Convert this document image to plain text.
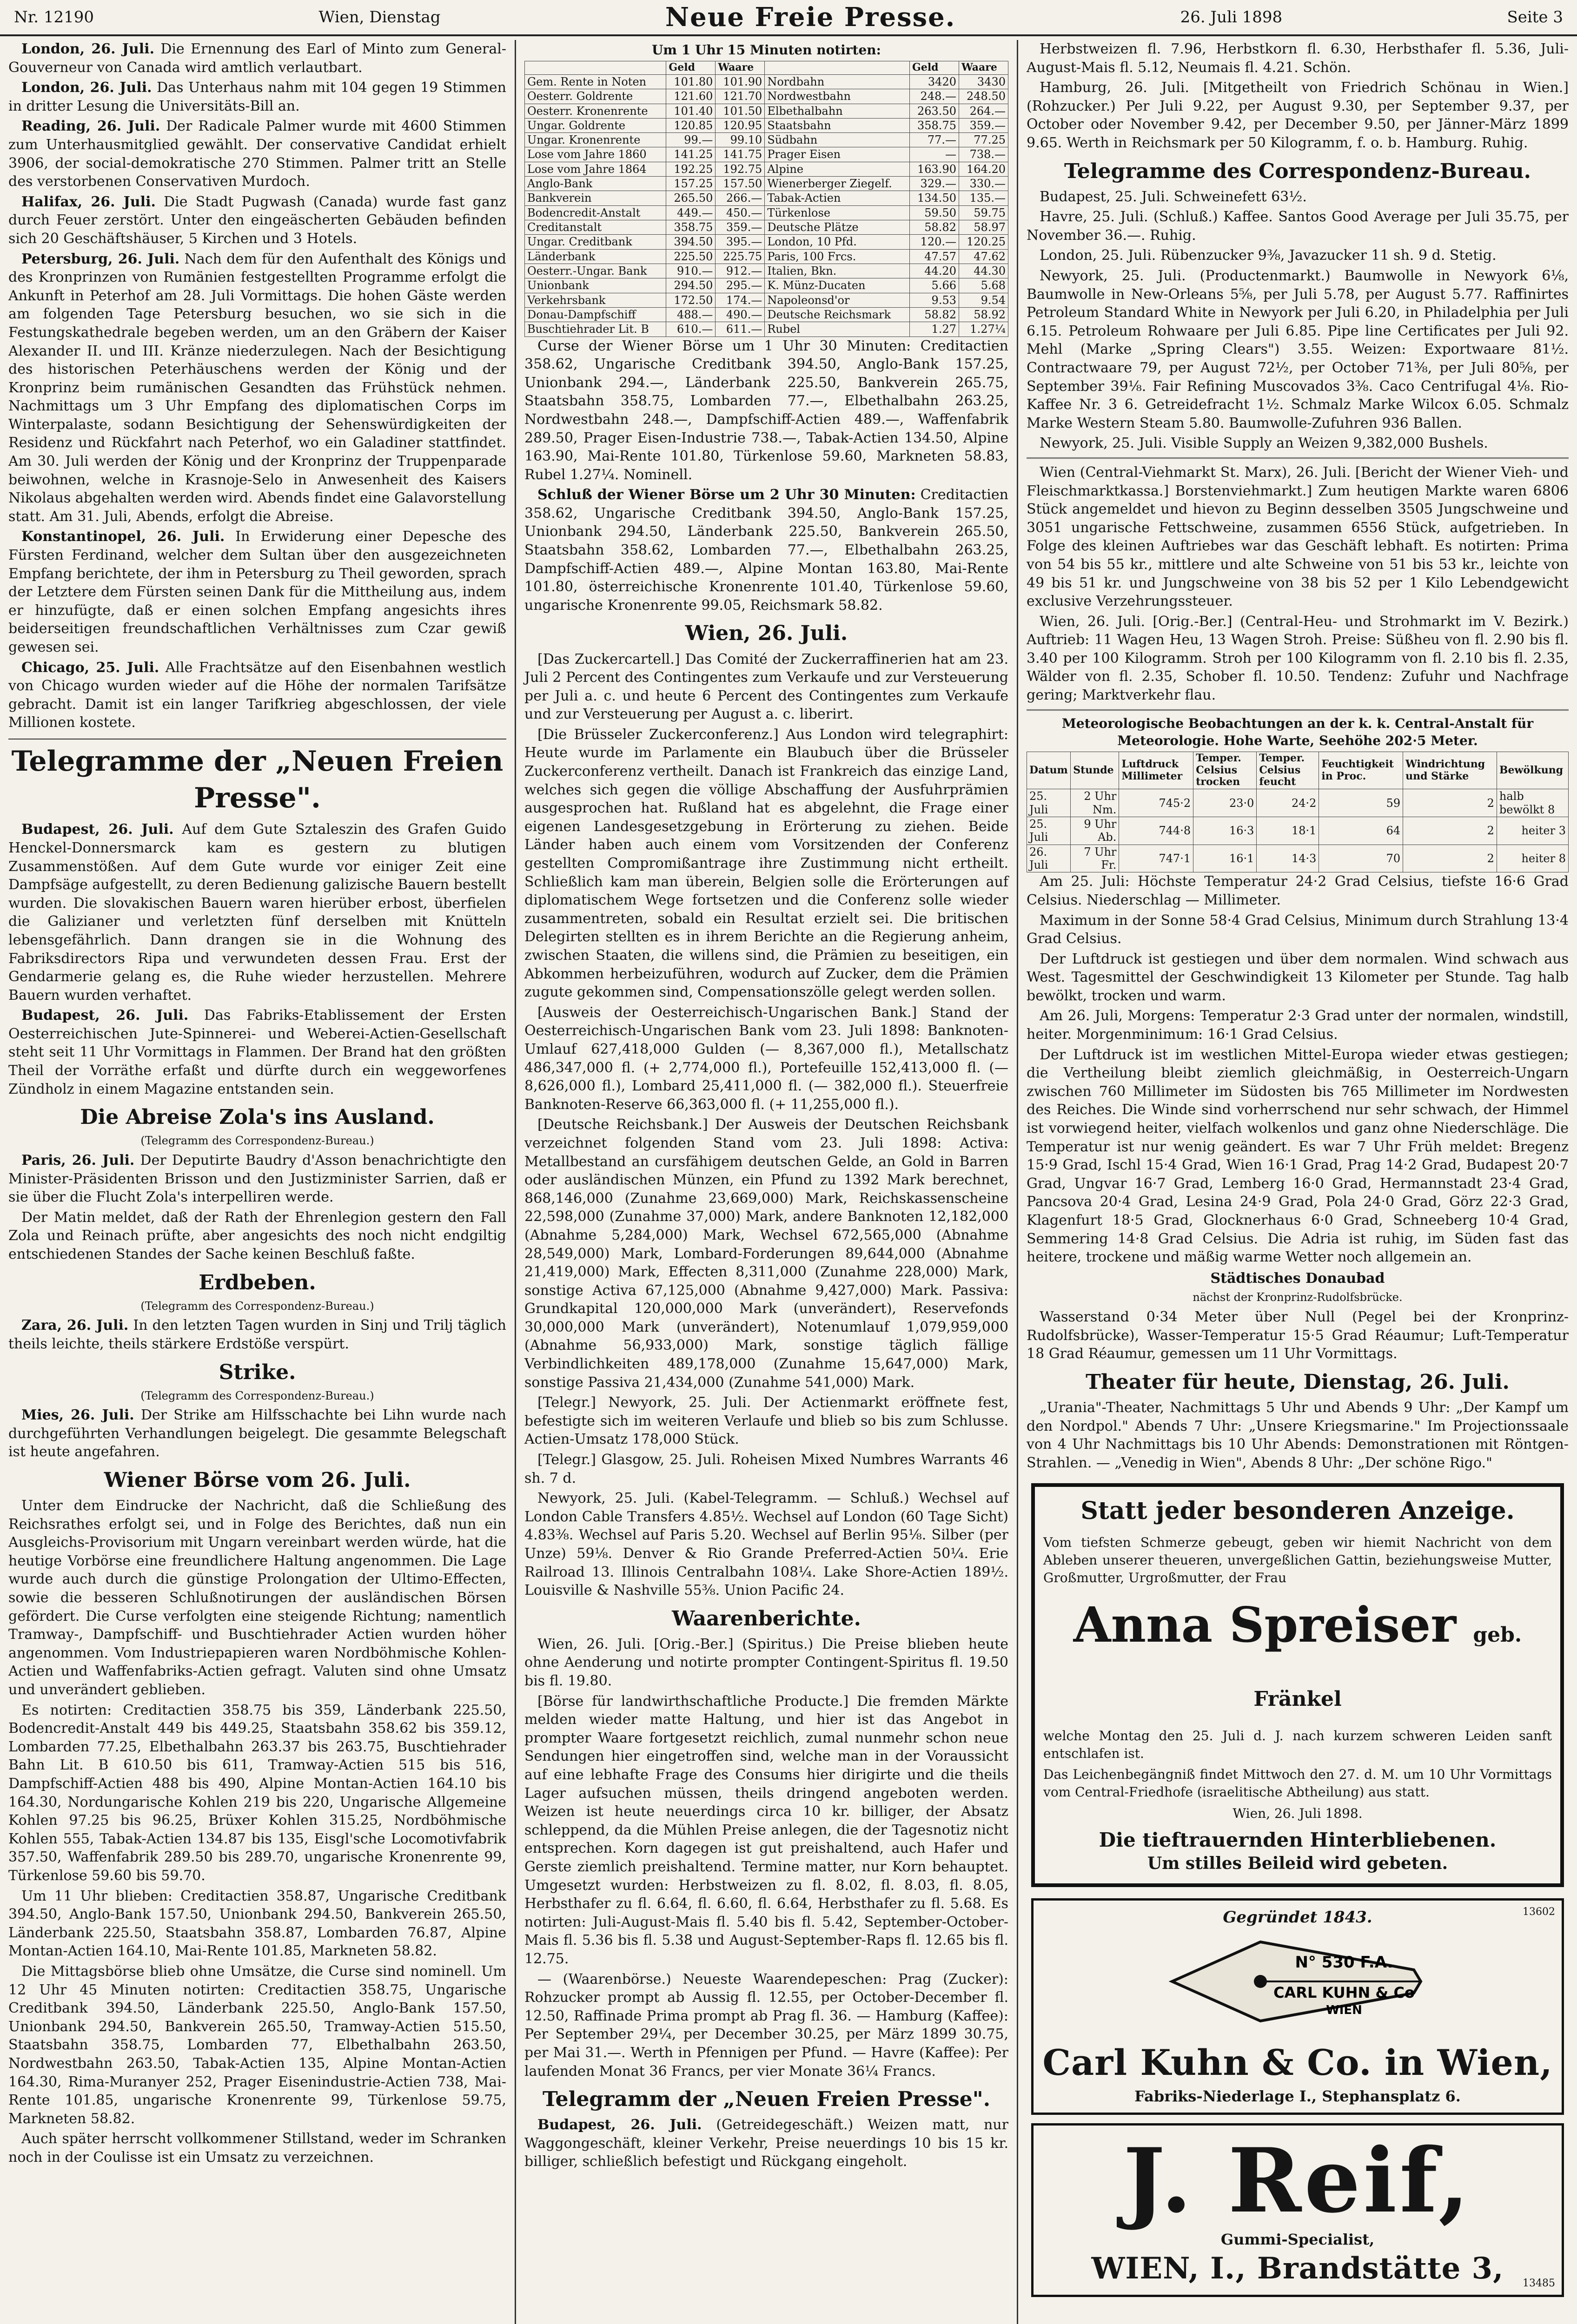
Nr. 12190	Wien, Dienstag	Neue Freie Presse.	26. Juli 1898	Seite 3

London, 26. Juli. Die Ernennung des Earl of Minto zum General-Gouverneur von Canada wird amtlich verlautbart.

London, 26. Juli. Das Unterhaus nahm mit 104 gegen 19 Stimmen in dritter Lesung die Universitäts-Bill an.

Reading, 26. Juli. Der Radicale Palmer wurde mit 4600 Stimmen zum Unterhausmitglied gewählt. Der conservative Candidat erhielt 3906, der social-demokratische 270 Stimmen. Palmer tritt an Stelle des verstorbenen Conservativen Murdoch.

Halifax, 26. Juli. Die Stadt Pugwash (Canada) wurde fast ganz durch Feuer zerstört. Unter den eingeäscherten Gebäuden befinden sich 20 Geschäftshäuser, 5 Kirchen und 3 Hotels.

Petersburg, 26. Juli. Nach dem für den Aufenthalt des Königs und des Kronprinzen von Rumänien festgestellten Programme erfolgt die Ankunft in Peterhof am 28. Juli Vormittags. Die hohen Gäste werden am folgenden Tage Petersburg besuchen, wo sie sich in die Festungskathedrale begeben werden, um an den Gräbern der Kaiser Alexander II. und III. Kränze niederzulegen. Nach der Besichtigung des historischen Peterhäuschens werden der König und der Kronprinz beim rumänischen Gesandten das Frühstück nehmen. Nachmittags um 3 Uhr Empfang des diplomatischen Corps im Winterpalaste, sodann Besichtigung der Sehenswürdigkeiten der Residenz und Rückfahrt nach Peterhof, wo ein Galadiner stattfindet. Am 30. Juli werden der König und der Kronprinz der Truppenparade beiwohnen, welche in Krasnoje-Selo in Anwesenheit des Kaisers Nikolaus abgehalten werden wird. Abends findet eine Galavorstellung statt. Am 31. Juli, Abends, erfolgt die Abreise.

Konstantinopel, 26. Juli. In Erwiderung einer Depesche des Fürsten Ferdinand, welcher dem Sultan über den ausgezeichneten Empfang berichtete, der ihm in Petersburg zu Theil geworden, sprach der Letztere dem Fürsten seinen Dank für die Mittheilung aus, indem er hinzufügte, daß er einen solchen Empfang angesichts ihres beiderseitigen freundschaftlichen Verhältnisses zum Czar gewiß gewesen sei.

Chicago, 25. Juli. Alle Frachtsätze auf den Eisenbahnen westlich von Chicago wurden wieder auf die Höhe der normalen Tarifsätze gebracht. Damit ist ein langer Tarifkrieg abgeschlossen, der viele Millionen kostete.

Telegramme der „Neuen Freien Presse".

Budapest, 26. Juli. Auf dem Gute Sztaleszin des Grafen Guido Henckel-Donnersmarck kam es gestern zu blutigen Zusammenstößen. Auf dem Gute wurde vor einiger Zeit eine Dampfsäge aufgestellt, zu deren Bedienung galizische Bauern bestellt wurden. Die slovakischen Bauern waren hierüber erbost, überfielen die Galizianer und verletzten fünf derselben mit Knütteln lebensgefährlich. Dann drangen sie in die Wohnung des Fabriksdirectors Ripa und verwundeten dessen Frau. Erst der Gendarmerie gelang es, die Ruhe wieder herzustellen. Mehrere Bauern wurden verhaftet.

Budapest, 26. Juli. Das Fabriks-Etablissement der Ersten Oesterreichischen Jute-Spinnerei- und Weberei-Actien-Gesellschaft steht seit 11 Uhr Vormittags in Flammen. Der Brand hat den größten Theil der Vorräthe erfaßt und dürfte durch ein weggeworfenes Zündholz in einem Magazine entstanden sein.

Die Abreise Zola's ins Ausland.
(Telegramm des Correspondenz-Bureau.)

Paris, 26. Juli. Der Deputirte Baudry d'Asson benachrichtigte den Minister-Präsidenten Brisson und den Justizminister Sarrien, daß er sie über die Flucht Zola's interpelliren werde.

Der Matin meldet, daß der Rath der Ehrenlegion gestern den Fall Zola und Reinach prüfte, aber angesichts des noch nicht endgiltig entschiedenen Standes der Sache keinen Beschluß faßte.

Erdbeben.
(Telegramm des Correspondenz-Bureau.)

Zara, 26. Juli. In den letzten Tagen wurden in Sinj und Trilj täglich theils leichte, theils stärkere Erdstöße verspürt.

Strike.
(Telegramm des Correspondenz-Bureau.)

Mies, 26. Juli. Der Strike am Hilfsschachte bei Lihn wurde nach durchgeführten Verhandlungen beigelegt. Die gesammte Belegschaft ist heute angefahren.

Wiener Börse vom 26. Juli.

Unter dem Eindrucke der Nachricht, daß die Schließung des Reichsrathes erfolgt sei, und in Folge des Berichtes, daß nun ein Ausgleichs-Provisorium mit Ungarn vereinbart werden würde, hat die heutige Vorbörse eine freundlichere Haltung angenommen. Die Lage wurde auch durch die günstige Prolongation der Ultimo-Effecten, sowie die besseren Schlußnotirungen der ausländischen Börsen gefördert. Die Curse verfolgten eine steigende Richtung; namentlich Tramway-, Dampfschiff- und Buschtiehrader Actien wurden höher angenommen. Vom Industriepapieren waren Nordböhmische Kohlen-Actien und Waffenfabriks-Actien gefragt. Valuten sind ohne Umsatz und unverändert geblieben.

Es notirten: Creditactien 358.75 bis 359, Länderbank 225.50, Bodencredit-Anstalt 449 bis 449.25, Staatsbahn 358.62 bis 359.12, Lombarden 77.25, Elbethalbahn 263.37 bis 263.75, Buschtiehrader Bahn Lit. B 610.50 bis 611, Tramway-Actien 515 bis 516, Dampfschiff-Actien 488 bis 490, Alpine Montan-Actien 164.10 bis 164.30, Nordungarische Kohlen 219 bis 220, Ungarische Allgemeine Kohlen 97.25 bis 96.25, Brüxer Kohlen 315.25, Nordböhmische Kohlen 555, Tabak-Actien 134.87 bis 135, Eisgl'sche Locomotivfabrik 357.50, Waffenfabrik 289.50 bis 289.70, ungarische Kronenrente 99, Türkenlose 59.60 bis 59.70.

Um 11 Uhr blieben: Creditactien 358.87, Ungarische Creditbank 394.50, Anglo-Bank 157.50, Unionbank 294.50, Bankverein 265.50, Länderbank 225.50, Staatsbahn 358.87, Lombarden 76.87, Alpine Montan-Actien 164.10, Mai-Rente 101.85, Markneten 58.82.

Die Mittagsbörse blieb ohne Umsätze, die Curse sind nominell. Um 12 Uhr 45 Minuten notirten: Creditactien 358.75, Ungarische Creditbank 394.50, Länderbank 225.50, Anglo-Bank 157.50, Unionbank 294.50, Bankverein 265.50, Tramway-Actien 515.50, Staatsbahn 358.75, Lombarden 77, Elbethalbahn 263.50, Nordwestbahn 263.50, Tabak-Actien 135, Alpine Montan-Actien 164.30, Rima-Muranyer 252, Prager Eisenindustrie-Actien 738, Mai-Rente 101.85, ungarische Kronenrente 99, Türkenlose 59.75, Markneten 58.82.

Auch später herrscht vollkommener Stillstand, weder im Schranken noch in der Coulisse ist ein Umsatz zu verzeichnen.

Um 1 Uhr 15 Minuten notirten:
	Geld	Waare		Geld	Waare
Gem. Rente in Noten	101.80	101.90	Nordbahn	3420	3430
Oesterr. Goldrente	121.60	121.70	Nordwestbahn	248.—	248.50
Oesterr. Kronenrente	101.40	101.50	Elbethalbahn	263.50	264.—
Ungar. Goldrente	120.85	120.95	Staatsbahn	358.75	359.—
Ungar. Kronenrente	99.—	99.10	Südbahn	77.—	77.25
Lose vom Jahre 1860	141.25	141.75	Prager Eisen	—	738.—
Lose vom Jahre 1864	192.25	192.75	Alpine	163.90	164.20
Anglo-Bank	157.25	157.50	Wienerberger Ziegelf.	329.—	330.—
Bankverein	265.50	266.—	Tabak-Actien	134.50	135.—
Bodencredit-Anstalt	449.—	450.—	Türkenlose	59.50	59.75
Creditanstalt	358.75	359.—	Deutsche Plätze	58.82	58.97
Ungar. Creditbank	394.50	395.—	London, 10 Pfd.	120.—	120.25
Länderbank	225.50	225.75	Paris, 100 Frcs.	47.57	47.62
Oesterr.-Ungar. Bank	910.—	912.—	Italien, Bkn.	44.20	44.30
Unionbank	294.50	295.—	K. Münz-Ducaten	5.66	5.68
Verkehrsbank	172.50	174.—	Napoleonsd'or	9.53	9.54
Donau-Dampfschiff	488.—	490.—	Deutsche Reichsmark	58.82	58.92
Buschtiehrader Lit. B	610.—	611.—	Rubel	1.27	1.27¼

Curse der Wiener Börse um 1 Uhr 30 Minuten: Creditactien 358.62, Ungarische Creditbank 394.50, Anglo-Bank 157.25, Unionbank 294.—, Länderbank 225.50, Bankverein 265.75, Staatsbahn 358.75, Lombarden 77.—, Elbethalbahn 263.25, Nordwestbahn 248.—, Dampfschiff-Actien 489.—, Waffenfabrik 289.50, Prager Eisen-Industrie 738.—, Tabak-Actien 134.50, Alpine 163.90, Mai-Rente 101.80, Türkenlose 59.60, Markneten 58.83, Rubel 1.27¼. Nominell.

Schluß der Wiener Börse um 2 Uhr 30 Minuten: Creditactien 358.62, Ungarische Creditbank 394.50, Anglo-Bank 157.25, Unionbank 294.50, Länderbank 225.50, Bankverein 265.50, Staatsbahn 358.62, Lombarden 77.—, Elbethalbahn 263.25, Dampfschiff-Actien 489.—, Alpine Montan 163.80, Mai-Rente 101.80, österreichische Kronenrente 101.40, Türkenlose 59.60, ungarische Kronenrente 99.05, Reichsmark 58.82.

Wien, 26. Juli.

[Das Zuckercartell.] Das Comité der Zuckerraffinerien hat am 23. Juli 2 Percent des Contingentes zum Verkaufe und zur Versteuerung per Juli a. c. und heute 6 Percent des Contingentes zum Verkaufe und zur Versteuerung per August a. c. liberirt.

[Die Brüsseler Zuckerconferenz.] Aus London wird telegraphirt: Heute wurde im Parlamente ein Blaubuch über die Brüsseler Zuckerconferenz vertheilt. Danach ist Frankreich das einzige Land, welches sich gegen die völlige Abschaffung der Ausfuhrprämien ausgesprochen hat. Rußland hat es abgelehnt, die Frage einer eigenen Landesgesetzgebung in Erörterung zu ziehen. Beide Länder haben auch einem vom Vorsitzenden der Conferenz gestellten Compromißantrage ihre Zustimmung nicht ertheilt. Schließlich kam man überein, Belgien solle die Erörterungen auf diplomatischem Wege fortsetzen und die Conferenz solle wieder zusammentreten, sobald ein Resultat erzielt sei. Die britischen Delegirten stellten es in ihrem Berichte an die Regierung anheim, zwischen Staaten, die willens sind, die Prämien zu beseitigen, ein Abkommen herbeizuführen, wodurch auf Zucker, dem die Prämien zugute gekommen sind, Compensationszölle gelegt werden sollen.

[Ausweis der Oesterreichisch-Ungarischen Bank.] Stand der Oesterreichisch-Ungarischen Bank vom 23. Juli 1898: Banknoten-Umlauf 627,418,000 Gulden (— 8,367,000 fl.), Metallschatz 486,347,000 fl. (+ 2,774,000 fl.), Portefeuille 152,413,000 fl. (— 8,626,000 fl.), Lombard 25,411,000 fl. (— 382,000 fl.). Steuerfreie Banknoten-Reserve 66,363,000 fl. (+ 11,255,000 fl.).

[Deutsche Reichsbank.] Der Ausweis der Deutschen Reichsbank verzeichnet folgenden Stand vom 23. Juli 1898: Activa: Metallbestand an cursfähigem deutschen Gelde, an Gold in Barren oder ausländischen Münzen, ein Pfund zu 1392 Mark berechnet, 868,146,000 (Zunahme 23,669,000) Mark, Reichskassenscheine 22,598,000 (Zunahme 37,000) Mark, andere Banknoten 12,182,000 (Abnahme 5,284,000) Mark, Wechsel 672,565,000 (Abnahme 28,549,000) Mark, Lombard-Forderungen 89,644,000 (Abnahme 21,419,000) Mark, Effecten 8,311,000 (Zunahme 228,000) Mark, sonstige Activa 67,125,000 (Abnahme 9,427,000) Mark. Passiva: Grundkapital 120,000,000 Mark (unverändert), Reservefonds 30,000,000 Mark (unverändert), Notenumlauf 1,079,959,000 (Abnahme 56,933,000) Mark, sonstige täglich fällige Verbindlichkeiten 489,178,000 (Zunahme 15,647,000) Mark, sonstige Passiva 21,434,000 (Zunahme 541,000) Mark.

[Telegr.] Newyork, 25. Juli. Der Actienmarkt eröffnete fest, befestigte sich im weiteren Verlaufe und blieb so bis zum Schlusse. Actien-Umsatz 178,000 Stück.

[Telegr.] Glasgow, 25. Juli. Roheisen Mixed Numbres Warrants 46 sh. 7 d.

Newyork, 25. Juli. (Kabel-Telegramm. — Schluß.) Wechsel auf London Cable Transfers 4.85½. Wechsel auf London (60 Tage Sicht) 4.83⅜. Wechsel auf Paris 5.20. Wechsel auf Berlin 95⅛. Silber (per Unze) 59⅛. Denver & Rio Grande Preferred-Actien 50¼. Erie Railroad 13. Illinois Centralbahn 108¼. Lake Shore-Actien 189½. Louisville & Nashville 55⅜. Union Pacific 24.

Waarenberichte.

Wien, 26. Juli. [Orig.-Ber.] (Spiritus.) Die Preise blieben heute ohne Aenderung und notirte prompter Contingent-Spiritus fl. 19.50 bis fl. 19.80.

[Börse für landwirthschaftliche Producte.] Die fremden Märkte melden wieder matte Haltung, und hier ist das Angebot in prompter Waare fortgesetzt reichlich, zumal nunmehr schon neue Sendungen hier eingetroffen sind, welche man in der Voraussicht auf eine lebhafte Frage des Consums hier dirigirte und die theils Lager aufsuchen müssen, theils dringend angeboten werden. Weizen ist heute neuerdings circa 10 kr. billiger, der Absatz schleppend, da die Mühlen Preise anlegen, die der Tagesnotiz nicht entsprechen. Korn dagegen ist gut preishaltend, auch Hafer und Gerste ziemlich preishaltend. Termine matter, nur Korn behauptet. Umgesetzt wurden: Herbstweizen zu fl. 8.02, fl. 8.03, fl. 8.05, Herbsthafer zu fl. 6.64, fl. 6.60, fl. 6.64, Herbsthafer zu fl. 5.68. Es notirten: Juli-August-Mais fl. 5.40 bis fl. 5.42, September-October-Mais fl. 5.36 bis fl. 5.38 und August-September-Raps fl. 12.65 bis fl. 12.75.

— (Waarenbörse.) Neueste Waarendepeschen: Prag (Zucker): Rohzucker prompt ab Aussig fl. 12.55, per October-December fl. 12.50, Raffinade Prima prompt ab Prag fl. 36. — Hamburg (Kaffee): Per September 29¼, per December 30.25, per März 1899 30.75, per Mai 31.—. Werth in Pfennigen per Pfund. — Havre (Kaffee): Per laufenden Monat 36 Francs, per vier Monate 36¼ Francs.

Telegramm der „Neuen Freien Presse".

Budapest, 26. Juli. (Getreidegeschäft.) Weizen matt, nur Waggongeschäft, kleiner Verkehr, Preise neuerdings 10 bis 15 kr. billiger, schließlich befestigt und Rückgang eingeholt.

Herbstweizen fl. 7.96, Herbstkorn fl. 6.30, Herbsthafer fl. 5.36, Juli-August-Mais fl. 5.12, Neumais fl. 4.21. Schön.

Hamburg, 26. Juli. [Mitgetheilt von Friedrich Schönau in Wien.] (Rohzucker.) Per Juli 9.22, per August 9.30, per September 9.37, per October oder November 9.42, per December 9.50, per Jänner-März 1899 9.65. Werth in Reichsmark per 50 Kilogramm, f. o. b. Hamburg. Ruhig.

Telegramme des Correspondenz-Bureau.

Budapest, 25. Juli. Schweinefett 63½.

Havre, 25. Juli. (Schluß.) Kaffee. Santos Good Average per Juli 35.75, per November 36.—. Ruhig.

London, 25. Juli. Rübenzucker 9⅜, Javazucker 11 sh. 9 d. Stetig.

Newyork, 25. Juli. (Productenmarkt.) Baumwolle in Newyork 6⅛, Baumwolle in New-Orleans 5⅝, per Juli 5.78, per August 5.77. Raffinirtes Petroleum Standard White in Newyork per Juli 6.20, in Philadelphia per Juli 6.15. Petroleum Rohwaare per Juli 6.85. Pipe line Certificates per Juli 92. Mehl (Marke „Spring Clears") 3.55. Weizen: Exportwaare 81½. Contractwaare 79, per August 72½, per October 71⅜, per Juli 80⅝, per September 39⅛. Fair Refining Muscovados 3⅜. Caco Centrifugal 4⅛. Rio-Kaffee Nr. 3 6. Getreidefracht 1½. Schmalz Marke Wilcox 6.05. Schmalz Marke Western Steam 5.80. Baumwolle-Zufuhren 936 Ballen.

Newyork, 25. Juli. Visible Supply an Weizen 9,382,000 Bushels.

Wien (Central-Viehmarkt St. Marx), 26. Juli. [Bericht der Wiener Vieh- und Fleischmarktkassa.] Borstenviehmarkt.] Zum heutigen Markte waren 6806 Stück angemeldet und hievon zu Beginn desselben 3505 Jungschweine und 3051 ungarische Fettschweine, zusammen 6556 Stück, aufgetrieben. In Folge des kleinen Auftriebes war das Geschäft lebhaft. Es notirten: Prima von 54 bis 55 kr., mittlere und alte Schweine von 51 bis 53 kr., leichte von 49 bis 51 kr. und Jungschweine von 38 bis 52 per 1 Kilo Lebendgewicht exclusive Verzehrungssteuer.

Wien, 26. Juli. [Orig.-Ber.] (Central-Heu- und Strohmarkt im V. Bezirk.) Auftrieb: 11 Wagen Heu, 13 Wagen Stroh. Preise: Süßheu von fl. 2.90 bis fl. 3.40 per 100 Kilogramm. Stroh per 100 Kilogramm von fl. 2.10 bis fl. 2.35, Wälder von fl. 2.35, Schober fl. 10.50. Tendenz: Zufuhr und Nachfrage gering; Marktverkehr flau.

Meteorologische Beobachtungen an der k. k. Central-Anstalt für Meteorologie. Hohe Warte, Seehöhe 202·5 Meter.
Datum	Stunde	Luftdruck Millimeter	Temper. Celsius trocken	Temper. Celsius feucht	Feuchtigkeit in Proc.	Windrichtung und Stärke	Bewölkung
25. Juli	2 Uhr Nm.	745·2	23·0	24·2	59	2	halb bewölkt 8
25. Juli	9 Uhr Ab.	744·8	16·3	18·1	64	2	heiter 3
26. Juli	7 Uhr Fr.	747·1	16·1	14·3	70	2	heiter 8

Am 25. Juli: Höchste Temperatur 24·2 Grad Celsius, tiefste 16·6 Grad Celsius. Niederschlag — Millimeter.

Maximum in der Sonne 58·4 Grad Celsius, Minimum durch Strahlung 13·4 Grad Celsius.

Der Luftdruck ist gestiegen und über dem normalen. Wind schwach aus West. Tagesmittel der Geschwindigkeit 13 Kilometer per Stunde. Tag halb bewölkt, trocken und warm.

Am 26. Juli, Morgens: Temperatur 2·3 Grad unter der normalen, windstill, heiter. Morgenminimum: 16·1 Grad Celsius.

Der Luftdruck ist im westlichen Mittel-Europa wieder etwas gestiegen; die Vertheilung bleibt ziemlich gleichmäßig, in Oesterreich-Ungarn zwischen 760 Millimeter im Südosten bis 765 Millimeter im Nordwesten des Reiches. Die Winde sind vorherrschend nur sehr schwach, der Himmel ist vorwiegend heiter, vielfach wolkenlos und ganz ohne Niederschläge. Die Temperatur ist nur wenig geändert. Es war 7 Uhr Früh meldet: Bregenz 15·9 Grad, Ischl 15·4 Grad, Wien 16·1 Grad, Prag 14·2 Grad, Budapest 20·7 Grad, Ungvar 16·7 Grad, Lemberg 16·0 Grad, Hermannstadt 23·4 Grad, Pancsova 20·4 Grad, Lesina 24·9 Grad, Pola 24·0 Grad, Görz 22·3 Grad, Klagenfurt 18·5 Grad, Glocknerhaus 6·0 Grad, Schneeberg 10·4 Grad, Semmering 14·8 Grad Celsius. Die Adria ist ruhig, im Süden fast das heitere, trockene und mäßig warme Wetter noch allgemein an.

Städtisches Donaubad
nächst der Kronprinz-Rudolfsbrücke.

Wasserstand 0·34 Meter über Null (Pegel bei der Kronprinz-Rudolfsbrücke), Wasser-Temperatur 15·5 Grad Réaumur; Luft-Temperatur 18 Grad Réaumur, gemessen um 11 Uhr Vormittags.

Theater für heute, Dienstag, 26. Juli.

„Urania"-Theater, Nachmittags 5 Uhr und Abends 9 Uhr: „Der Kampf um den Nordpol." Abends 7 Uhr: „Unsere Kriegsmarine." Im Projectionssaale von 4 Uhr Nachmittags bis 10 Uhr Abends: Demonstrationen mit Röntgen-Strahlen. — „Venedig in Wien", Abends 8 Uhr: „Der schöne Rigo."

Statt jeder besonderen Anzeige.
Vom tiefsten Schmerze gebeugt, geben wir hiemit Nachricht von dem Ableben unserer theueren, unvergeßlichen Gattin, beziehungsweise Mutter, Großmutter, Urgroßmutter, der Frau
Anna Spreiser geb. Fränkel
welche Montag den 25. Juli d. J. nach kurzem schweren Leiden sanft entschlafen ist.
Das Leichenbegängniß findet Mittwoch den 27. d. M. um 10 Uhr Vormittags vom Central-Friedhofe (israelitische Abtheilung) aus statt.
Wien, 26. Juli 1898.
Die tieftrauernden Hinterbliebenen.
Um stilles Beileid wird gebeten.
Gegründet 1843.	13602
N° 530 F.A.
CARL KUHN & Co
WIEN
Carl Kuhn & Co. in Wien,
Fabriks-Niederlage I., Stephansplatz 6.
J. Reif,
Gummi-Specialist,
WIEN, I., Brandstätte 3,	13485
